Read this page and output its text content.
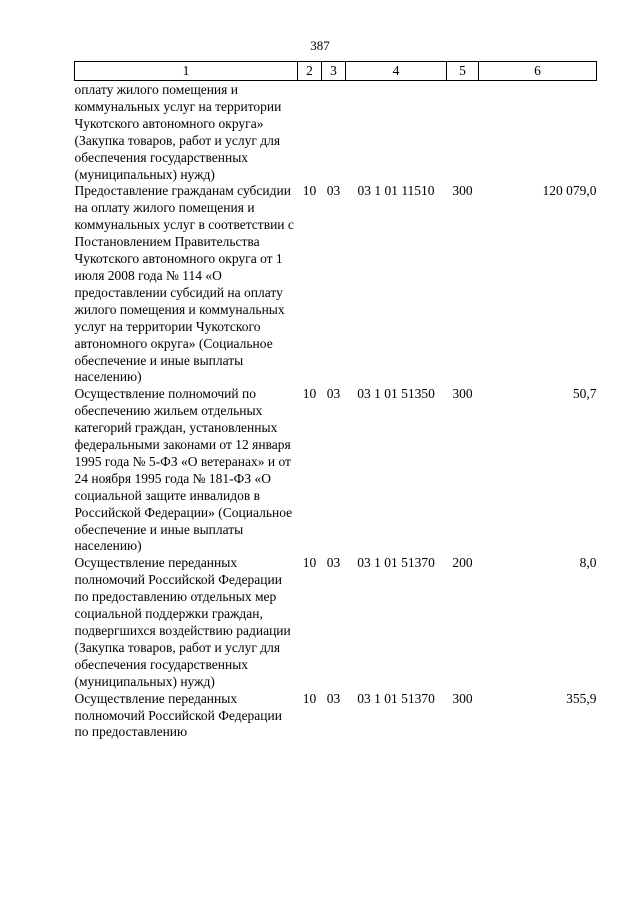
387
1	2	3	4	5	6
оплату жилого помещения и коммунальных услуг на территории Чукотского автономного округа» (Закупка товаров, работ и услуг для обеспечения государственных (муниципальных) нужд)					
Предоставление гражданам субсидии на оплату жилого помещения и коммунальных услуг в соответствии с Постановлением Правительства Чукотского автономного округа от 1 июля 2008 года № 114 «О предоставлении субсидий на оплату жилого помещения и коммунальных услуг на территории Чукотского автономного округа» (Социальное обеспечение и иные выплаты населению)	10	03	03 1 01 11510	300	120 079,0
Осуществление полномочий по обеспечению жильем отдельных категорий граждан, установленных федеральными законами от 12 января 1995 года № 5-ФЗ «О ветеранах» и от 24 ноября 1995 года № 181-ФЗ «О социальной защите инвалидов в Российской Федерации» (Социальное обеспечение и иные выплаты населению)	10	03	03 1 01 51350	300	50,7
Осуществление переданных полномочий Российской Федерации по предоставлению отдельных мер социальной поддержки граждан, подвергшихся воздействию радиации (Закупка товаров, работ и услуг для обеспечения государственных (муниципальных) нужд)	10	03	03 1 01 51370	200	8,0
Осуществление переданных полномочий Российской Федерации по предоставлению	10	03	03 1 01 51370	300	355,9
